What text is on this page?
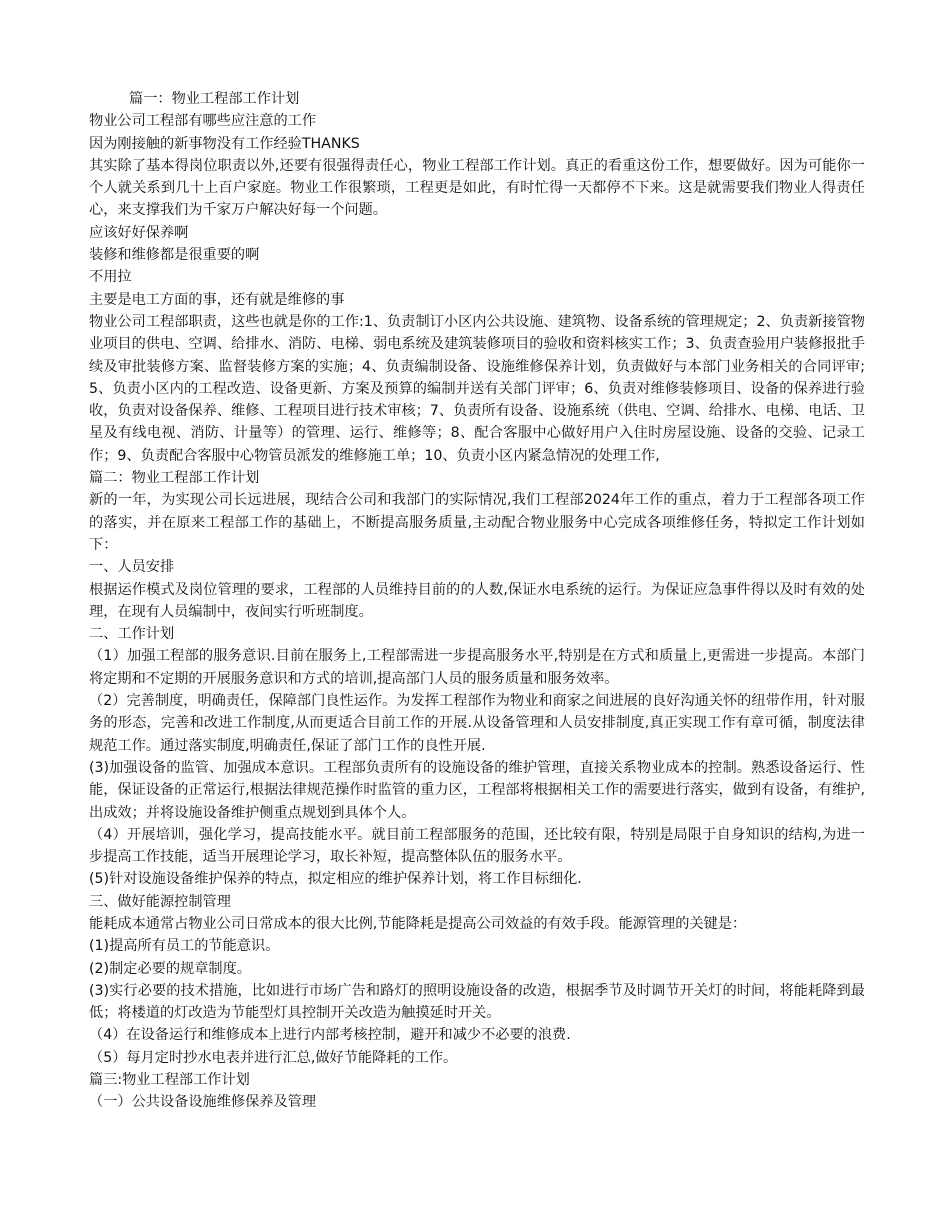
篇一：物业工程部工作计划

物业公司工程部有哪些应注意的工作

因为刚接触的新事物没有工作经验THANKS

其实除了基本得岗位职责以外,还要有很强得责任心，物业工程部工作计划。真正的看重这份工作，想要做好。因为可能你一个人就关系到几十上百户家庭。物业工作很繁琐，工程更是如此，有时忙得一天都停不下来。这是就需要我们物业人得责任心，来支撑我们为千家万户解决好每一个问题。

应该好好保养啊

装修和维修都是很重要的啊

不用拉

主要是电工方面的事，还有就是维修的事

物业公司工程部职责，这些也就是你的工作:1、负责制订小区内公共设施、建筑物、设备系统的管理规定；2、负责新接管物业项目的供电、空调、给排水、消防、电梯、弱电系统及建筑装修项目的验收和资料核实工作；3、负责查验用户装修报批手续及审批装修方案、监督装修方案的实施；4、负责编制设备、设施维修保养计划，负责做好与本部门业务相关的合同评审;5、负责小区内的工程改造、设备更新、方案及预算的编制并送有关部门评审；6、负责对维修装修项目、设备的保养进行验收，负责对设备保养、维修、工程项目进行技术审核；7、负责所有设备、设施系统（供电、空调、给排水、电梯、电话、卫星及有线电视、消防、计量等）的管理、运行、维修等；8、配合客服中心做好用户入住时房屋设施、设备的交验、记录工作；9、负责配合客服中心物管员派发的维修施工单；10、负责小区内紧急情况的处理工作,

篇二：物业工程部工作计划

新的一年，为实现公司长远进展，现结合公司和我部门的实际情况,我们工程部2024年工作的重点，着力于工程部各项工作的落实，并在原来工程部工作的基础上，不断提高服务质量,主动配合物业服务中心完成各项维修任务，特拟定工作计划如下：

一、人员安排

根据运作模式及岗位管理的要求，工程部的人员维持目前的的人数,保证水电系统的运行。为保证应急事件得以及时有效的处理，在现有人员编制中，夜间实行听班制度。

二、工作计划

（1）加强工程部的服务意识.目前在服务上,工程部需进一步提高服务水平,特别是在方式和质量上,更需进一步提高。本部门将定期和不定期的开展服务意识和方式的培训,提高部门人员的服务质量和服务效率。

（2）完善制度，明确责任，保障部门良性运作。为发挥工程部作为物业和商家之间进展的良好沟通关怀的纽带作用，针对服务的形态，完善和改进工作制度,从而更适合目前工作的开展.从设备管理和人员安排制度,真正实现工作有章可循，制度法律规范工作。通过落实制度,明确责任,保证了部门工作的良性开展.

(3)加强设备的监管、加强成本意识。工程部负责所有的设施设备的维护管理，直接关系物业成本的控制。熟悉设备运行、性能，保证设备的正常运行,根据法律规范操作时监管的重力区，工程部将根据相关工作的需要进行落实，做到有设备，有维护,出成效；并将设施设备维护侧重点规划到具体个人。

（4）开展培训，强化学习，提高技能水平。就目前工程部服务的范围，还比较有限，特别是局限于自身知识的结构,为进一步提高工作技能，适当开展理论学习，取长补短，提高整体队伍的服务水平。

(5)针对设施设备维护保养的特点，拟定相应的维护保养计划，将工作目标细化.

三、做好能源控制管理

能耗成本通常占物业公司日常成本的很大比例,节能降耗是提高公司效益的有效手段。能源管理的关键是：

(1)提高所有员工的节能意识。

(2)制定必要的规章制度。

(3)实行必要的技术措施，比如进行市场广告和路灯的照明设施设备的改造，根据季节及时调节开关灯的时间，将能耗降到最低；将楼道的灯改造为节能型灯具控制开关改造为触摸延时开关。

（4）在设备运行和维修成本上进行内部考核控制，避开和减少不必要的浪费.

（5）每月定时抄水电表并进行汇总,做好节能降耗的工作。

篇三:物业工程部工作计划

（一）公共设备设施维修保养及管理
